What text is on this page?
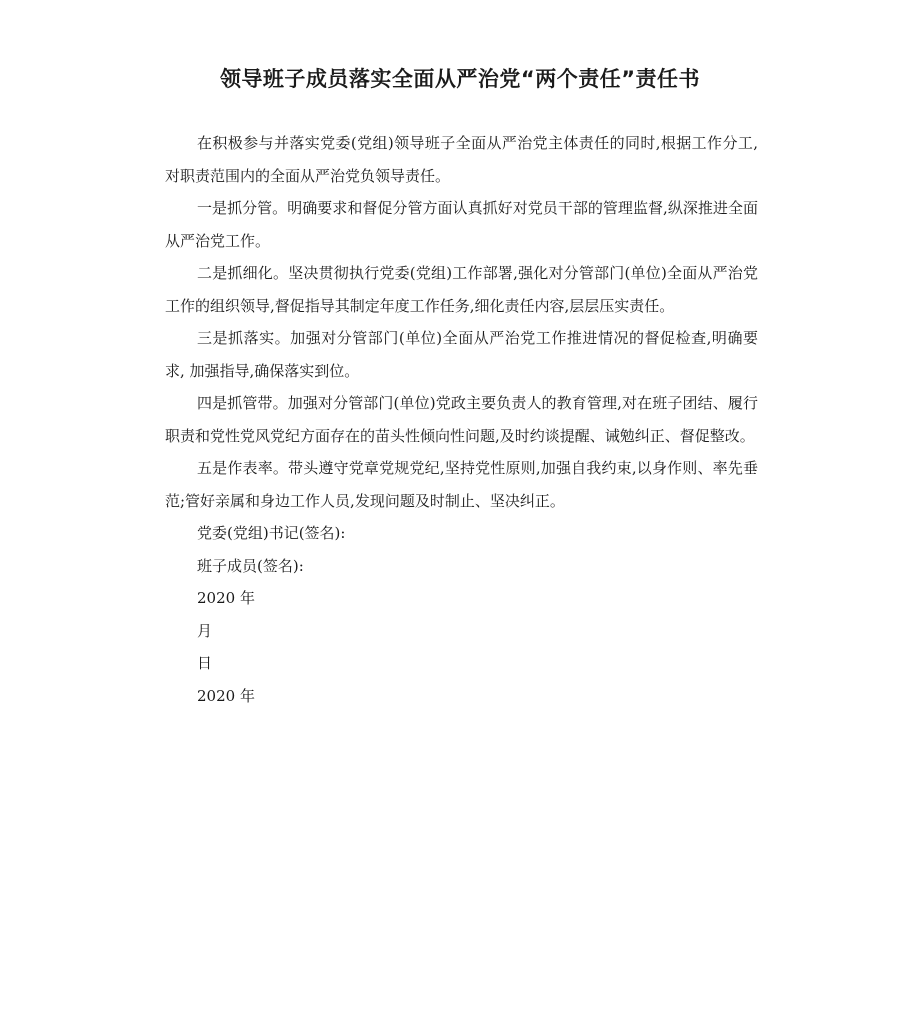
领导班子成员落实全面从严治党“两个责任”责任书

在积极参与并落实党委(党组)领导班子全面从严治党主体责任的同时,根据工作分工,对职责范围内的全面从严治党负领导责任。

一是抓分管。明确要求和督促分管方面认真抓好对党员干部的管理监督,纵深推进全面从严治党工作。

二是抓细化。坚决贯彻执行党委(党组)工作部署,强化对分管部门(单位)全面从严治党工作的组织领导,督促指导其制定年度工作任务,细化责任内容,层层压实责任。

三是抓落实。加强对分管部门(单位)全面从严治党工作推进情况的督促检查,明确要求, 加强指导,确保落实到位。

四是抓管带。加强对分管部门(单位)党政主要负责人的教育管理,对在班子团结、履行职责和党性党风党纪方面存在的苗头性倾向性问题,及时约谈提醒、诫勉纠正、督促整改。

五是作表率。带头遵守党章党规党纪,坚持党性原则,加强自我约束,以身作则、率先垂范;管好亲属和身边工作人员,发现问题及时制止、坚决纠正。

党委(党组)书记(签名):

班子成员(签名):

2020 年

月

日

2020 年
